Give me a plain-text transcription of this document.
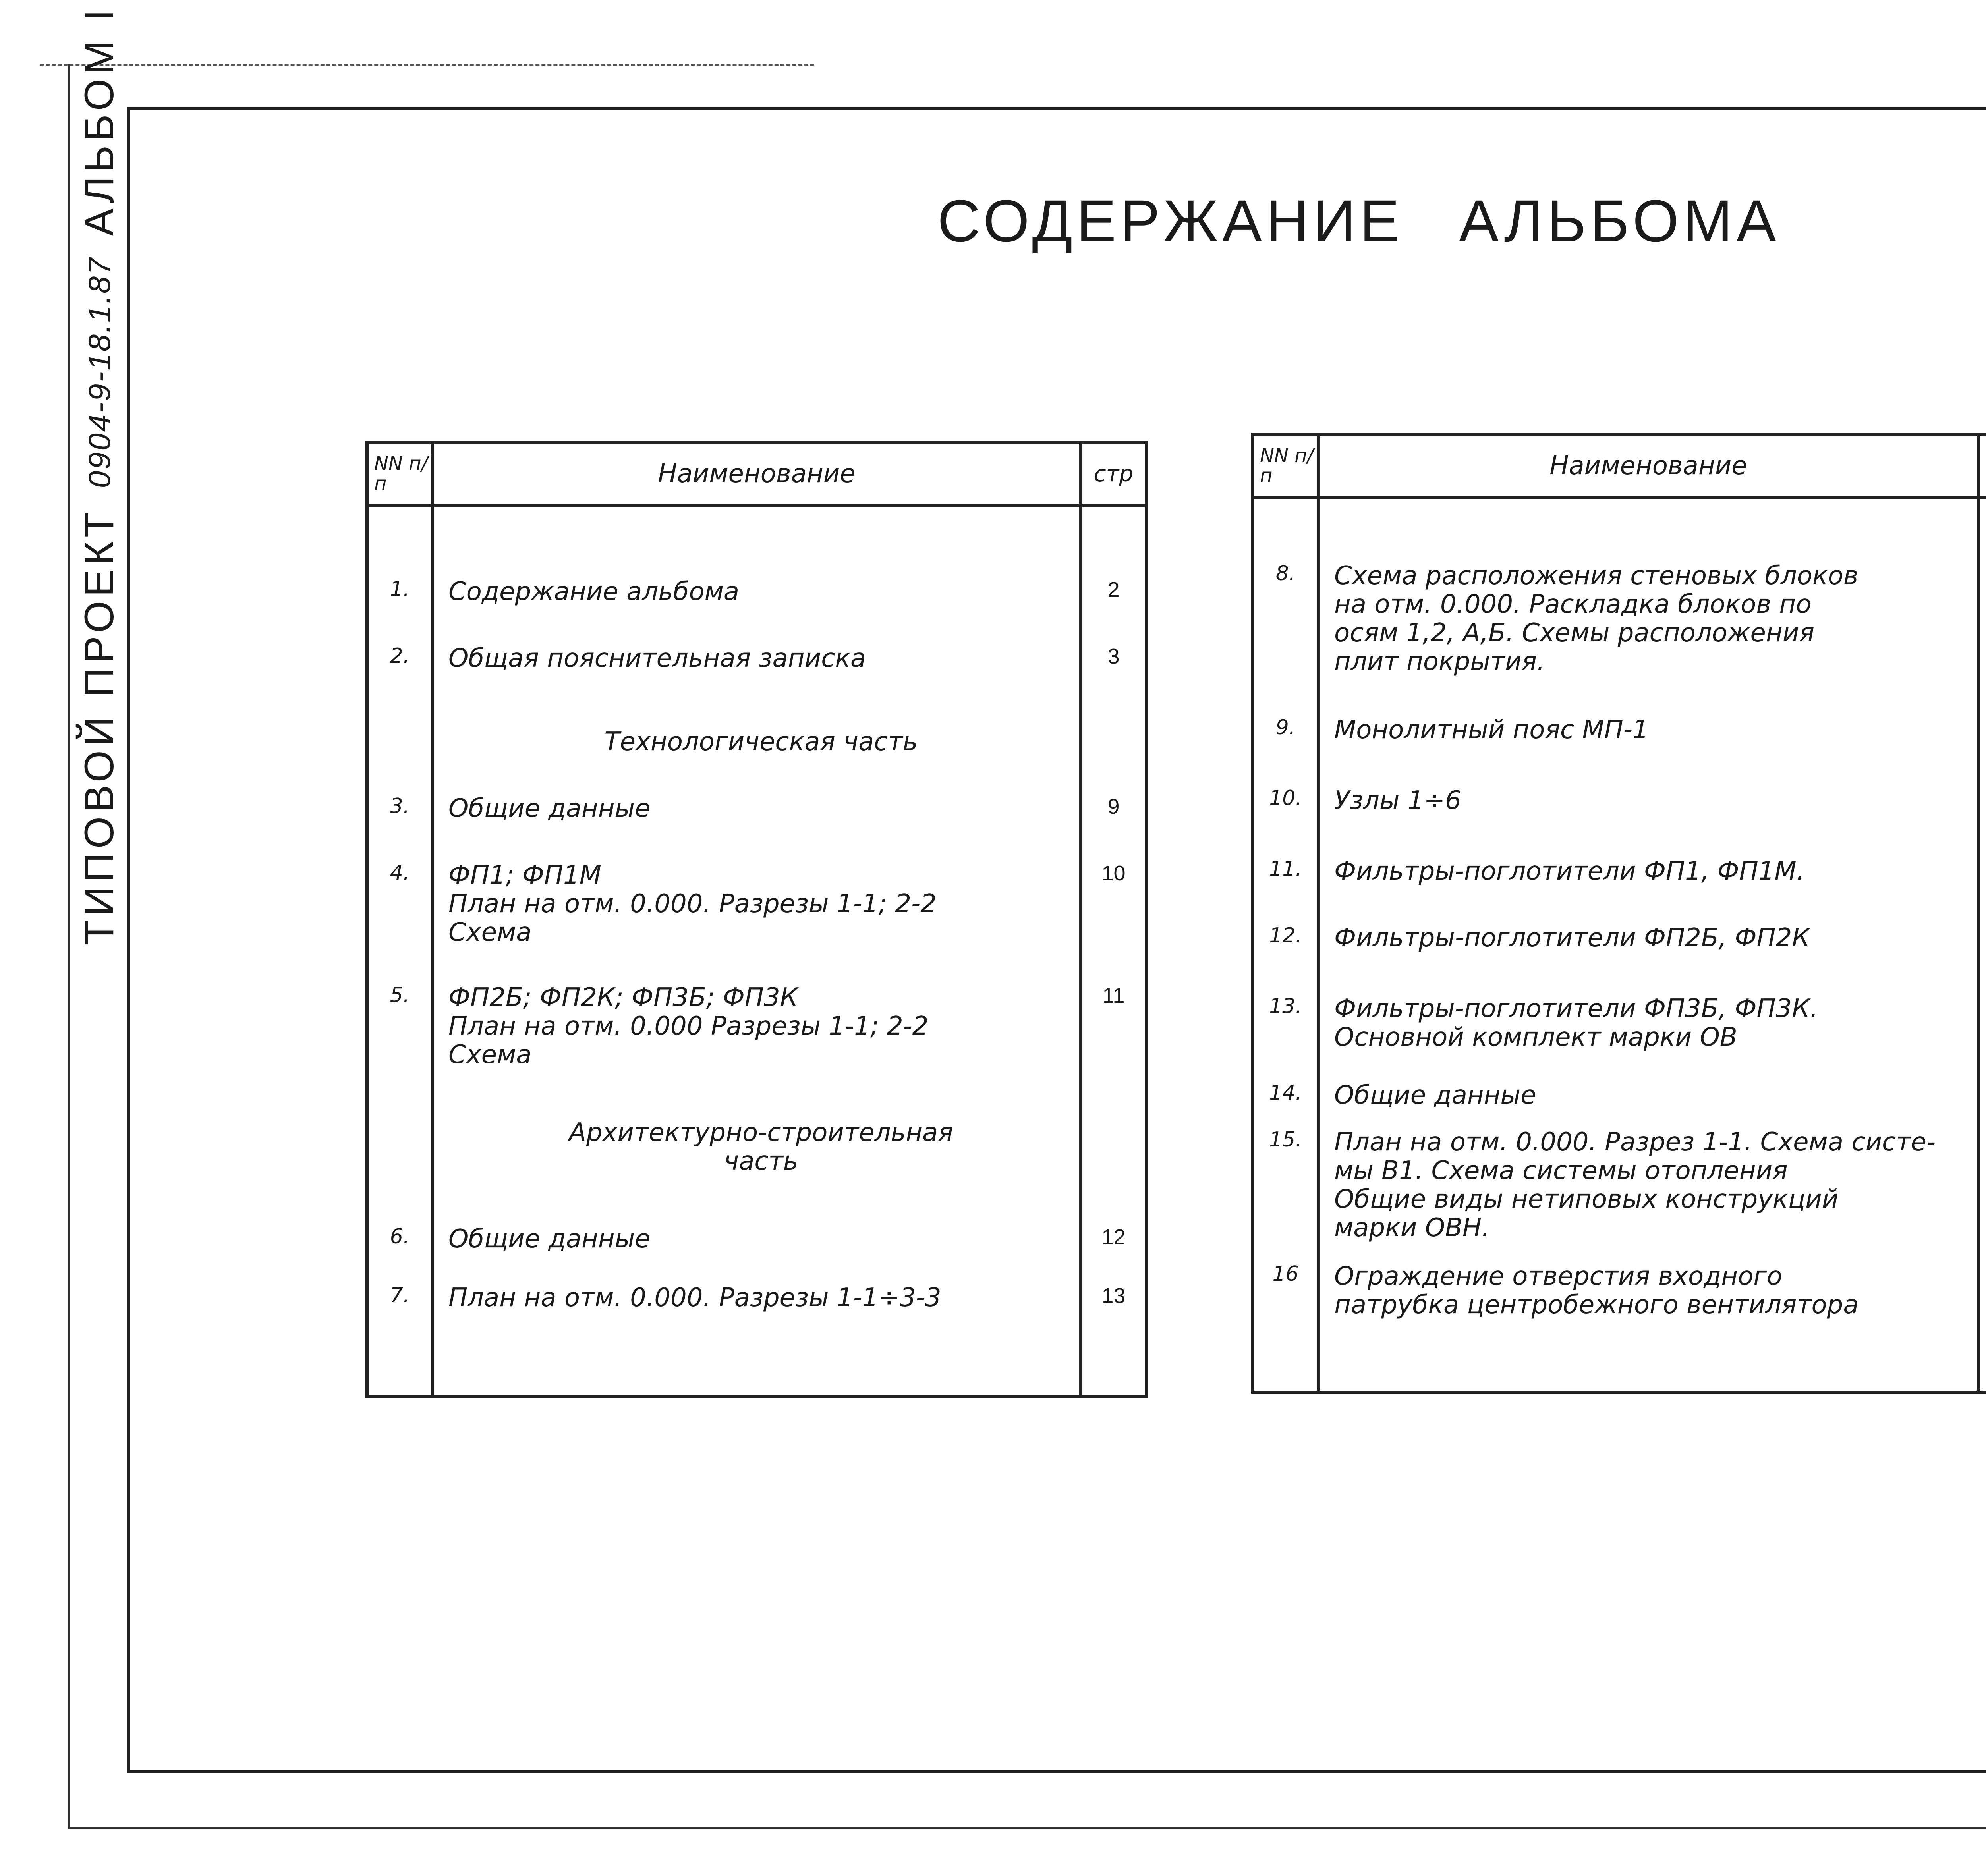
ТИПОВОЙ ПРОЕКТ
0904-9-18.1.87
АЛЬБОМ I	СОДЕРЖАНИЕ АЛЬБОМА
NN п/п	Наименование	стр

1.	Содержание альбома	2
2.	Общая пояснительная записка	3

	Технологическая часть	

3.	Общие данные	9
4.	ФП1; ФП1М
План на отм. 0.000. Разрезы 1-1; 2-2
Схема	10
5.	ФП2Б; ФП2К; ФП3Б; ФП3К
План на отм. 0.000 Разрезы 1-1; 2-2
Схема	11

	Архитектурно-строительная
часть	

6.	Общие данные	12
7.	План на отм. 0.000. Разрезы 1-1÷3-3	13

NN п/п	Наименование	

8.	Схема расположения стеновых блоков
на отм. 0.000. Раскладка блоков по
осям 1,2, А,Б. Схемы расположения
плит покрытия.

9.	Монолитный пояс МП-1

10.	Узлы 1÷6

11.	Фильтры-поглотители ФП1, ФП1М.

12.	Фильтры-поглотители ФП2Б, ФП2К

13.	Фильтры-поглотители ФП3Б, ФП3К.
Основной комплект марки ОВ

14.	Общие данные

15.	План на отм. 0.000. Разрез 1-1. Схема систе-
мы В1. Схема системы отопления
Общие виды нетиповых конструкций
марки ОВН.

16	Ограждение отверстия входного
патрубка центробежного вентилятора
